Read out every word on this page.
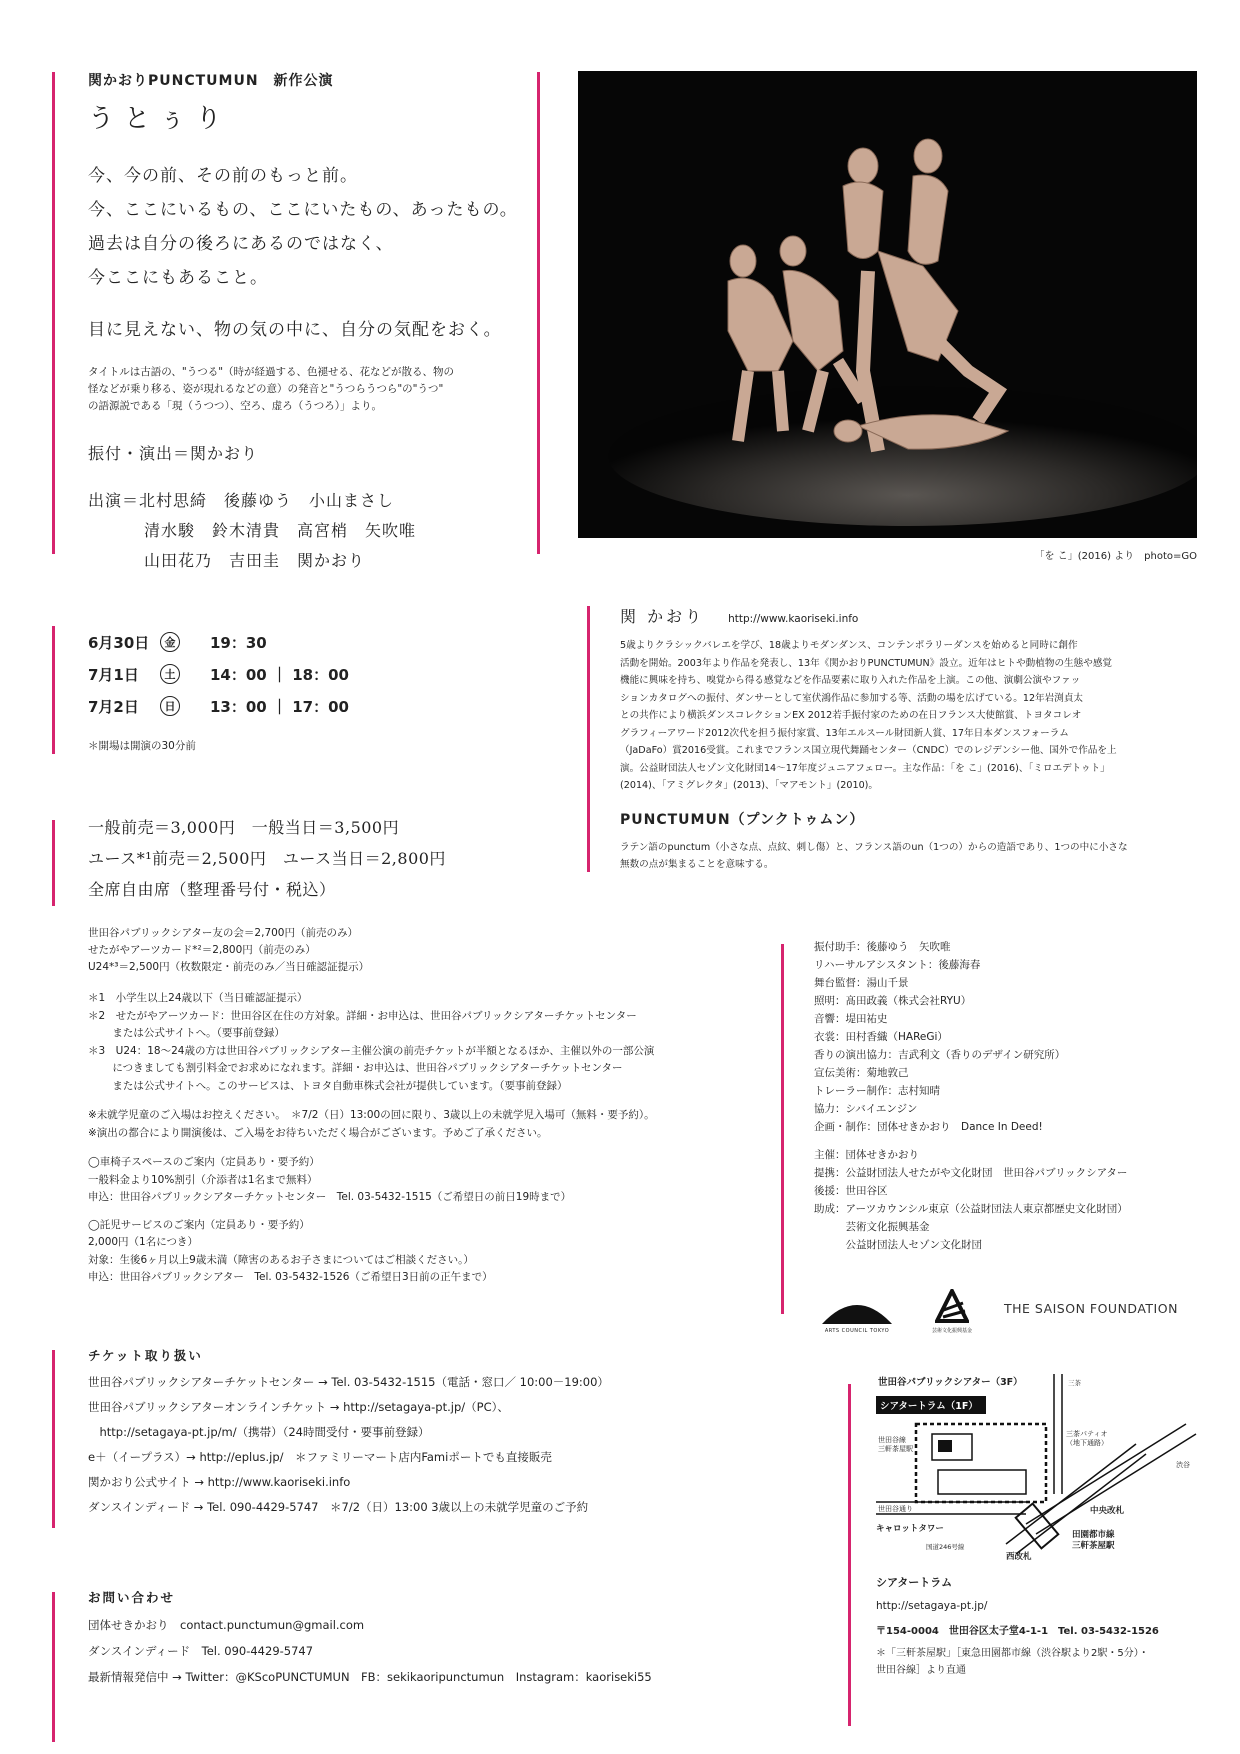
関かおりPUNCTUMUN　新作公演
うとぅり
今、今の前、その前のもっと前。
今、ここにいるもの、ここにいたもの、あったもの。
過去は自分の後ろにあるのではなく、
今ここにもあること。
目に見えない、物の気の中に、自分の気配をおく。
タイトルは古語の、"うつる"（時が経過する、色褪せる、花などが散る、物の
怪などが乗り移る、姿が現れるなどの意）の発音と"うつらうつら"の"うつ"
の語源説である「現（うつつ）、空ろ、虚ろ（うつろ）」より。
振付・演出＝関かおり
出演＝北村思綺　後藤ゆう　小山まさし
清水駿　鈴木清貴　高宮梢　矢吹唯
山田花乃　吉田圭　関かおり	「を こ」(2016) より　photo=GO
6月30日	金	19：30
7月1日	土	14：00 ｜ 18：00
7月2日	日	13：00 ｜ 17：00
＊開場は開演の30分前
関 かおり http://www.kaoriseki.info
5歳よりクラシックバレエを学び、18歳よりモダンダンス、コンテンポラリーダンスを始めると同時に創作
活動を開始。2003年より作品を発表し、13年《関かおりPUNCTUMUN》設立。近年はヒトや動植物の生態や感覚
機能に興味を持ち、嗅覚から得る感覚などを作品要素に取り入れた作品を上演。この他、演劇公演やファッ
ションカタログへの振付、ダンサーとして室伏鴻作品に参加する等、活動の場を広げている。12年岩渕貞太
との共作により横浜ダンスコレクションEX 2012若手振付家のための在日フランス大使館賞、トヨタコレオ
グラフィーアワード2012次代を担う振付家賞、13年エルスール財団新人賞、17年日本ダンスフォーラム
（JaDaFo）賞2016受賞。これまでフランス国立現代舞踊センター（CNDC）でのレジデンシー他、国外で作品を上
演。公益財団法人セゾン文化財団14～17年度ジュニアフェロー。主な作品：「を こ」(2016)、「ミロエデトゥト」
(2014)、「アミグレクタ」(2013)、「マアモント」(2010)。
PUNCTUMUN（プンクトゥムン）
ラテン語のpunctum（小さな点、点紋、刺し傷）と、フランス語のun（1つの）からの造語であり、1つの中に小さな
無数の点が集まることを意味する。
一般前売＝3,000円　一般当日＝3,500円
ユース*¹前売＝2,500円　ユース当日＝2,800円
全席自由席（整理番号付・税込）
世田谷パブリックシアター友の会＝2,700円（前売のみ）
せたがやアーツカード*²＝2,800円（前売のみ）
U24*³＝2,500円（枚数限定・前売のみ／当日確認証提示）
＊1　小学生以上24歳以下（当日確認証提示）
＊2　せたがやアーツカード：世田谷区在住の方対象。詳細・お申込は、世田谷パブリックシアターチケットセンター
　　 または公式サイトへ。（要事前登録）
＊3　U24：18～24歳の方は世田谷パブリックシアター主催公演の前売チケットが半額となるほか、主催以外の一部公演
　　 につきましても割引料金でお求めになれます。詳細・お申込は、世田谷パブリックシアターチケットセンター
　　 または公式サイトへ。このサービスは、トヨタ自動車株式会社が提供しています。（要事前登録）
※未就学児童のご入場はお控えください。　＊7/2（日）13:00の回に限り、3歳以上の未就学児入場可（無料・要予約）。
※演出の都合により開演後は、ご入場をお待ちいただく場合がございます。予めご了承ください。
◯車椅子スペースのご案内（定員あり・要予約）
一般料金より10%割引（介添者は1名まで無料）
申込：世田谷パブリックシアターチケットセンター　Tel. 03-5432-1515（ご希望日の前日19時まで）
◯託児サービスのご案内（定員あり・要予約）
2,000円（1名につき）
対象：生後6ヶ月以上9歳未満（障害のあるお子さまについてはご相談ください。）
申込：世田谷パブリックシアター　Tel. 03-5432-1526（ご希望日3日前の正午まで）
振付助手：後藤ゆう　矢吹唯
リハーサルアシスタント：後藤海春
舞台監督：湯山千景
照明：髙田政義（株式会社RYU）
音響：堤田祐史
衣裳：田村香織（HAReGi）
香りの演出協力：吉武利文（香りのデザイン研究所）
宣伝美術：菊地敦己
トレーラー制作：志村知晴
協力：シバイエンジン
企画・制作：団体せきかおり　Dance In Deed!
主催：団体せきかおり
提携：公益財団法人せたがや文化財団　世田谷パブリックシアター
後援：世田谷区
助成：アーツカウンシル東京（公益財団法人東京都歴史文化財団）
　　　芸術文化振興基金
　　　公益財団法人セゾン文化財団
ARTS COUNCIL TOKYO	芸術文化振興基金
THE SAISON FOUNDATION
チケット取り扱い
世田谷パブリックシアターチケットセンター → Tel. 03-5432-1515（電話・窓口／ 10:00－19:00）
世田谷パブリックシアターオンラインチケット → http://setagaya-pt.jp/（PC）、
　http://setagaya-pt.jp/m/（携帯）（24時間受付・要事前登録）
e＋（イープラス）→ http://eplus.jp/　＊ファミリーマート店内Famiポートでも直接販売
関かおり公式サイト → http://www.kaoriseki.info
ダンスインディード → Tel. 090-4429-5747　＊7/2（日）13:00 3歳以上の未就学児童のご予約
お問い合わせ
団体せきかおり　contact.punctumun@gmail.com
ダンスインディード　Tel. 090-4429-5747
最新情報発信中 → Twitter：@KScoPUNCTUMUN　FB：sekikaoripunctumun　Instagram：kaoriseki55
世田谷パブリックシアター（3F）
シアタートラム（1F）
世田谷線
三軒茶屋駅
三茶パティオ
（地下通路）
渋谷
世田谷通り	中央改札
キャロットタワー
国道246号線
田園都市線
三軒茶屋駅
西改札
三茶
シアタートラム
http://setagaya-pt.jp/
〒154-0004　世田谷区太子堂4-1-1　Tel. 03-5432-1526
＊「三軒茶屋駅」［東急田園都市線（渋谷駅より2駅・5分）・
世田谷線］より直通
